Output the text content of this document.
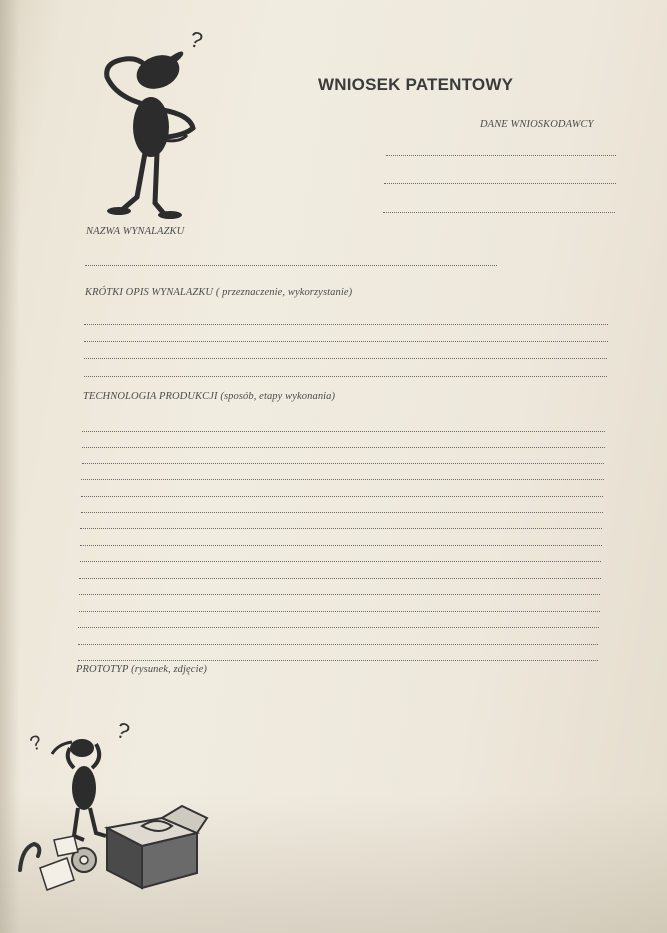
?
WNIOSEK PATENTOWY
DANE WNIOSKODAWCY
NAZWA WYNALAZKU
KRÓTKI OPIS WYNALAZKU ( przeznaczenie, wykorzystanie)
TECHNOLOGIA PRODUKCJI (sposób, etapy wykonania)
PROTOTYP (rysunek, zdjęcie)
?	?
